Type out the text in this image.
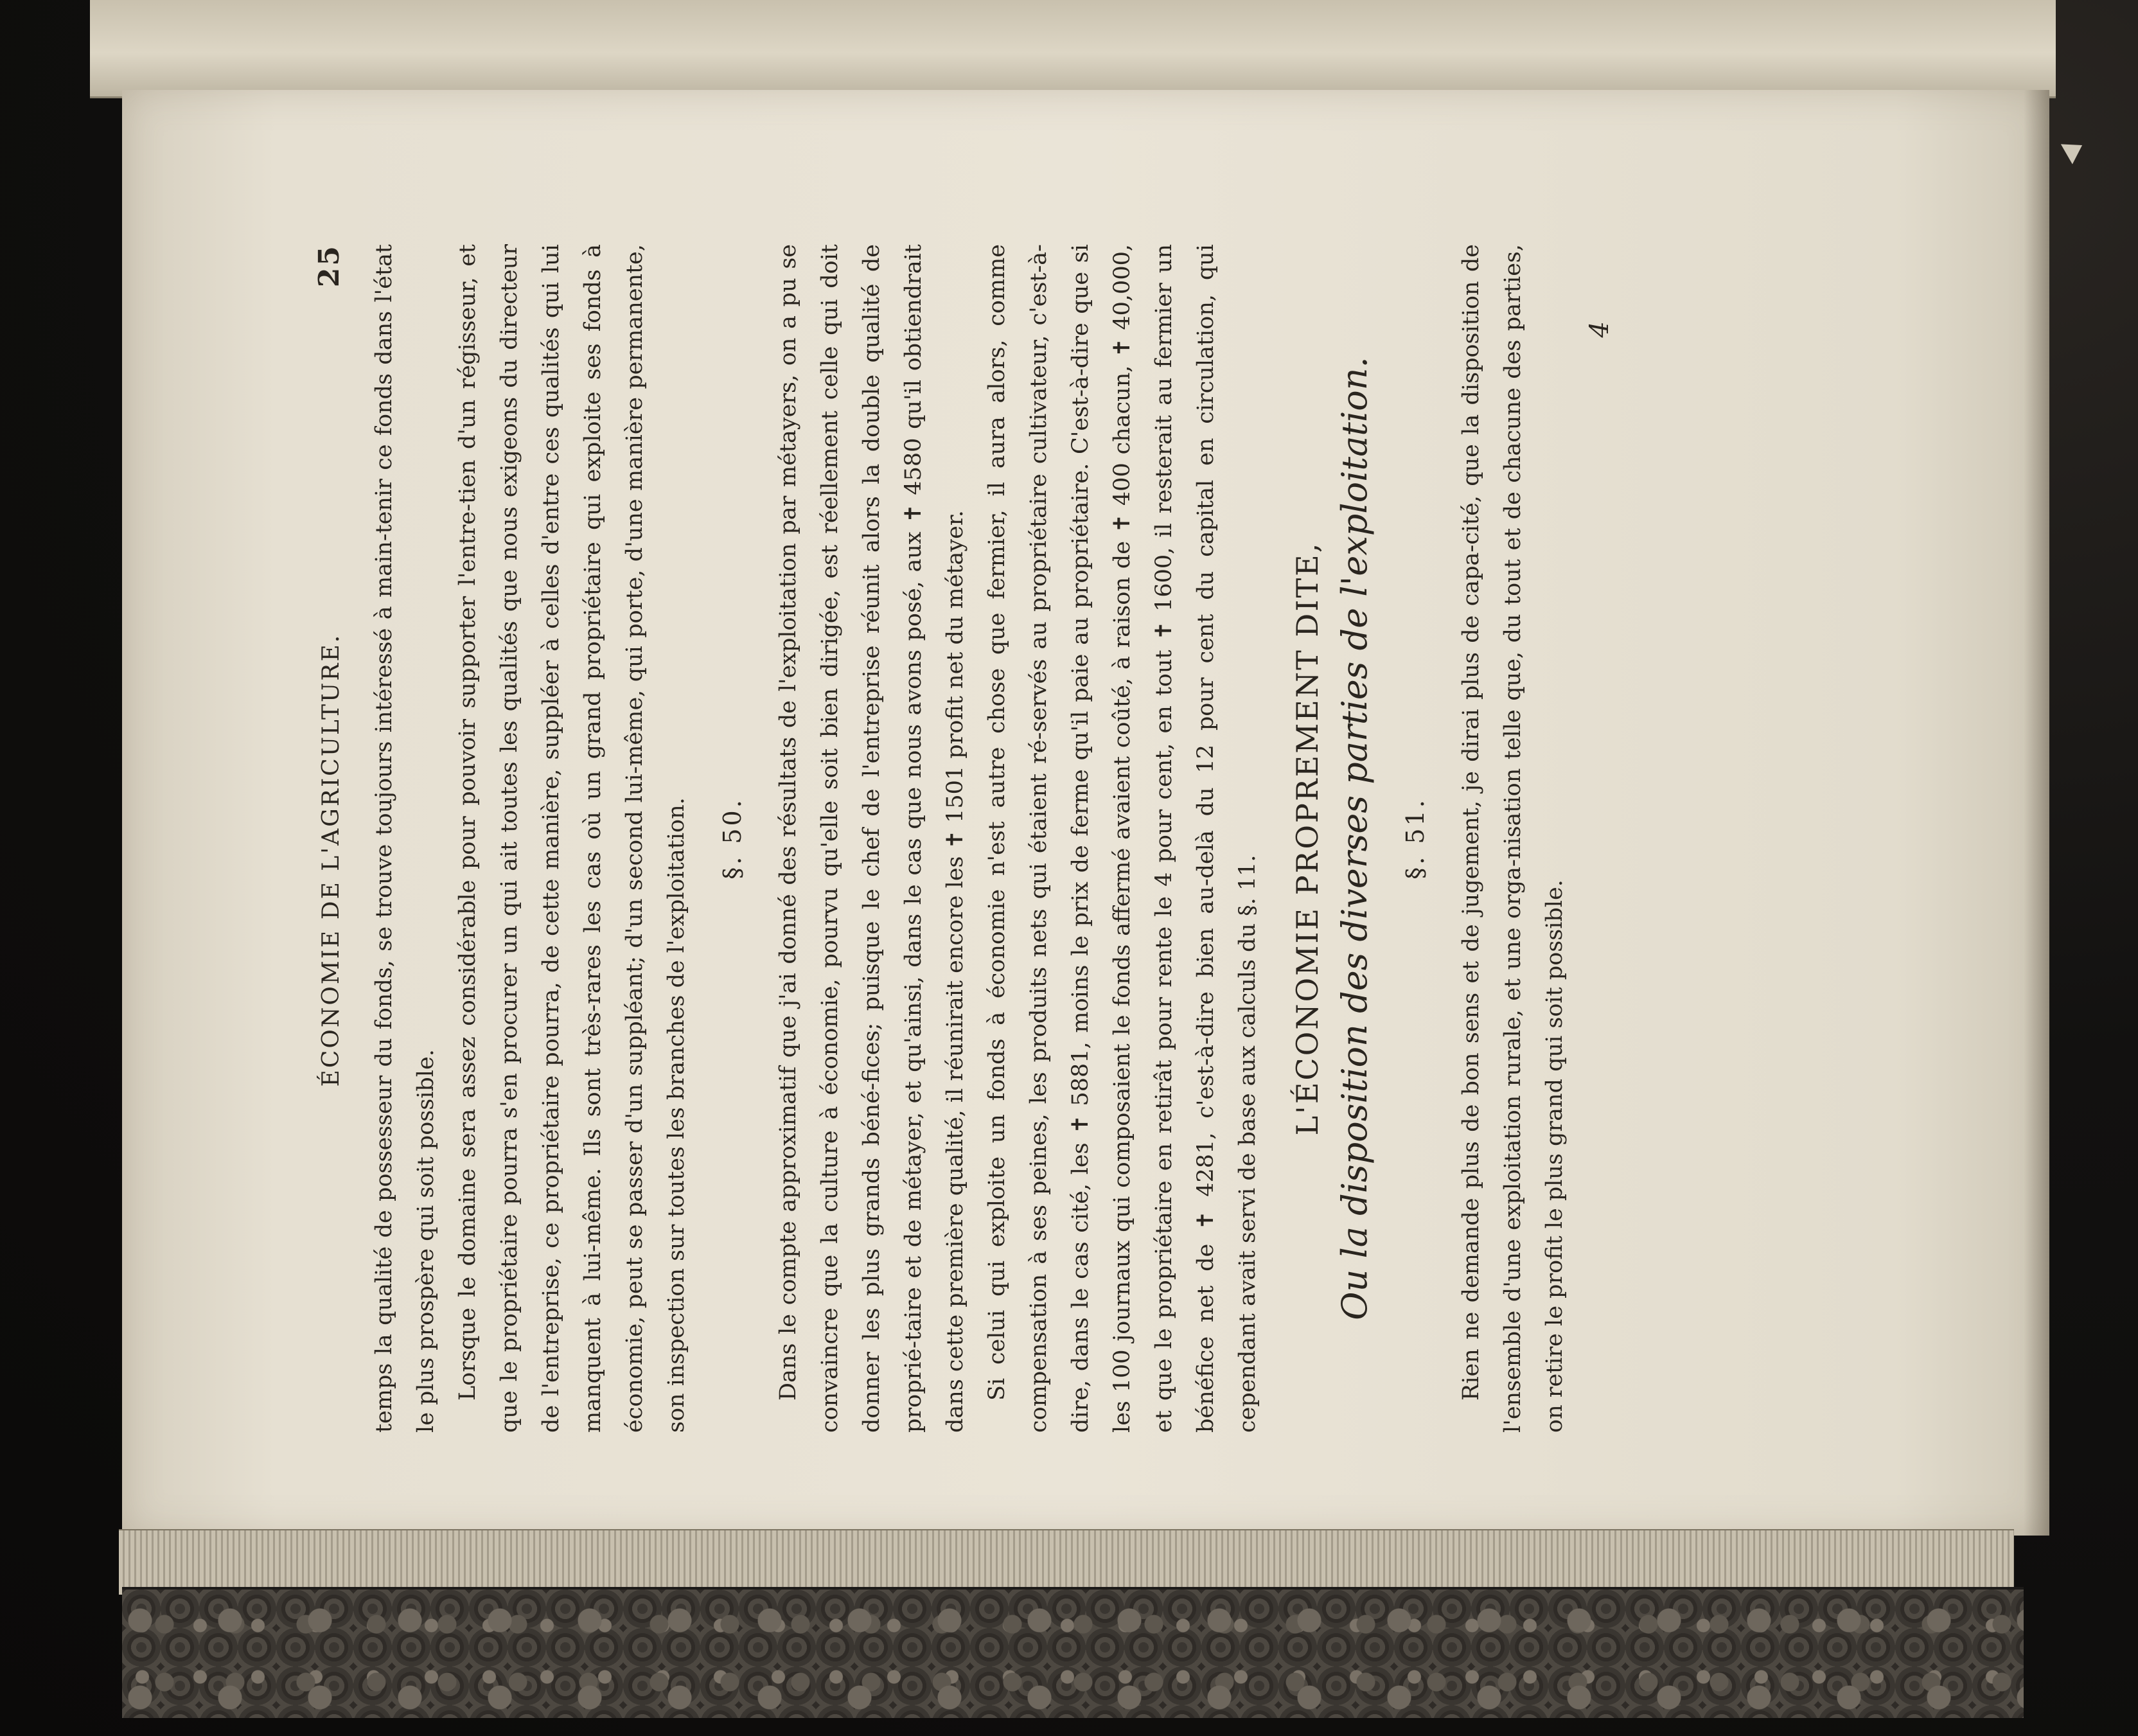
ÉCONOMIE DE L'AGRICULTURE.
25	temps la qualité de possesseur du fonds, se trouve toujours intéressé à main-tenir ce fonds dans l'état le plus prospère qui soit possible. Lorsque le domaine sera assez considérable pour pouvoir supporter l'entre-tien d'un régisseur, et que le propriétaire pourra s'en procurer un qui ait toutes les qualités que nous exigeons du directeur de l'entreprise, ce propriétaire pourra, de cette manière, suppléer à celles d'entre ces qualités qui lui manquent à lui-même. Ils sont très-rares les cas où un grand propriétaire qui exploite ses fonds à économie, peut se passer d'un suppléant; d'un second lui-même, qui porte, d'une manière permanente, son inspection sur toutes les branches de l'exploitation.	§. 50.	Dans le compte approximatif que j'ai donné des résultats de l'exploitation par métayers, on a pu se convaincre que la culture à économie, pourvu qu'elle soit bien dirigée, est réellement celle qui doit donner les plus grands béné-fices; puisque le chef de l'entreprise réunit alors la double qualité de proprié-taire et de métayer, et qu'ainsi, dans le cas que nous avons posé, aux ✝ 4580 qu'il obtiendrait dans cette première qualité, il réunirait encore les ✝ 1501 profit net du métayer. Si celui qui exploite un fonds à économie n'est autre chose que fermier, il aura alors, comme compensation à ses peines, les produits nets qui étaient ré-servés au propriétaire cultivateur, c'est-à-dire, dans le cas cité, les ✝ 5881, moins le prix de ferme qu'il paie au propriétaire. C'est-à-dire que si les 100 journaux qui composaient le fonds affermé avaient coûté, à raison de ✝ 400 chacun, ✝ 40,000, et que le propriétaire en retirât pour rente le 4 pour cent, en tout ✝ 1600, il resterait au fermier un bénéfice net de ✝ 4281, c'est-à-dire bien au-delà du 12 pour cent du capital en circulation, qui cependant avait servi de base aux calculs du §. 11.

L'ÉCONOMIE PROPREMENT DITE, Ou la disposition des diverses parties de l'exploitation. §. 51.	Rien ne demande plus de bon sens et de jugement, je dirai plus de capa-cité, que la disposition de l'ensemble d'une exploitation rurale, et une orga-nisation telle que, du tout et de chacune des parties, on retire le profit le plus grand qui soit possible.

4
